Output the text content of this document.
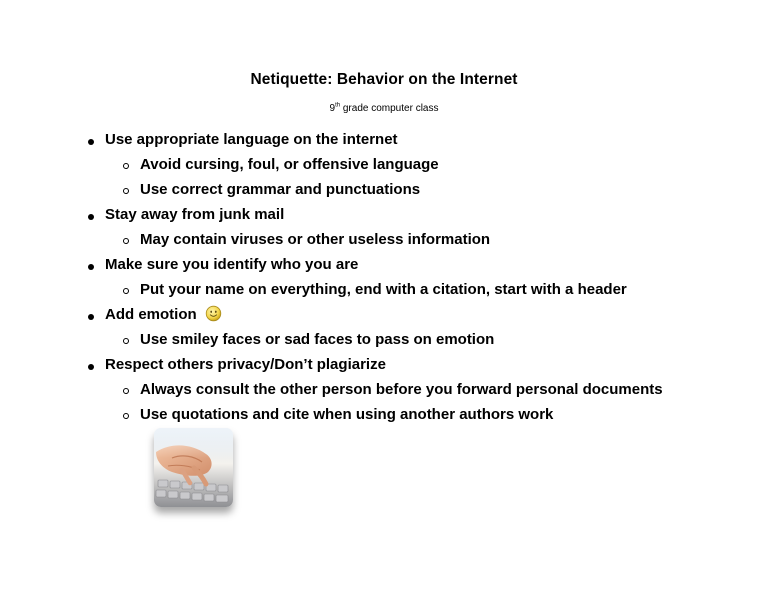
Netiquette: Behavior on the Internet
9th grade computer class
Use appropriate language on the internet
Avoid cursing, foul, or offensive language
Use correct grammar and punctuations
Stay away from junk mail
May contain viruses or other useless information
Make sure you identify who you are
Put your name on everything, end with a citation, start with a header
Add emotion
Use smiley faces or sad faces to pass on emotion
Respect others privacy/Don’t plagiarize
Always consult the other person before you forward personal documents
Use quotations and cite when using another authors work
